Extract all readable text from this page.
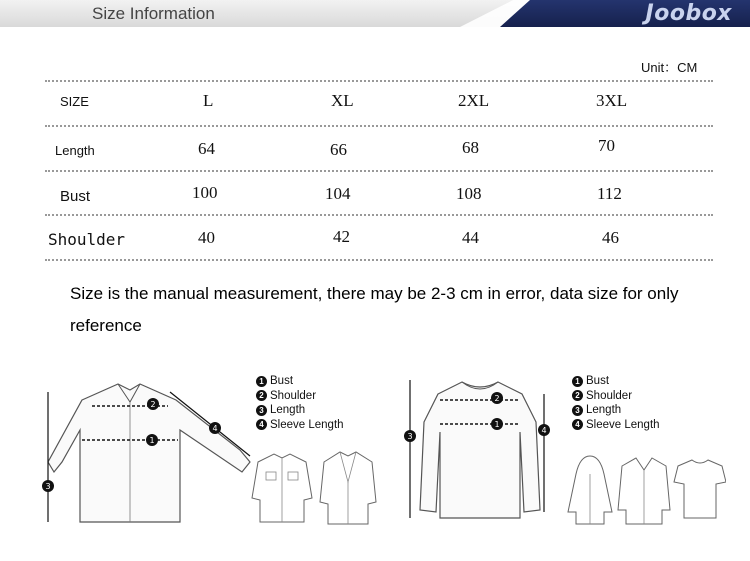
Size Information	Joobox
Unit：CM
SIZE	L	XL	2XL	3XL
Length	64	66	68	70
Bust	100	104	108	112
Shoulder	40	42	44	46
Size is the manual measurement, there may be 2-3 cm in error, data size for only reference
1
2
3
4
1 Bust
2 Shoulder
3 Length
4 Sleeve Length	1
2
3
4
1 Bust
2 Shoulder
3 Length
4 Sleeve Length
